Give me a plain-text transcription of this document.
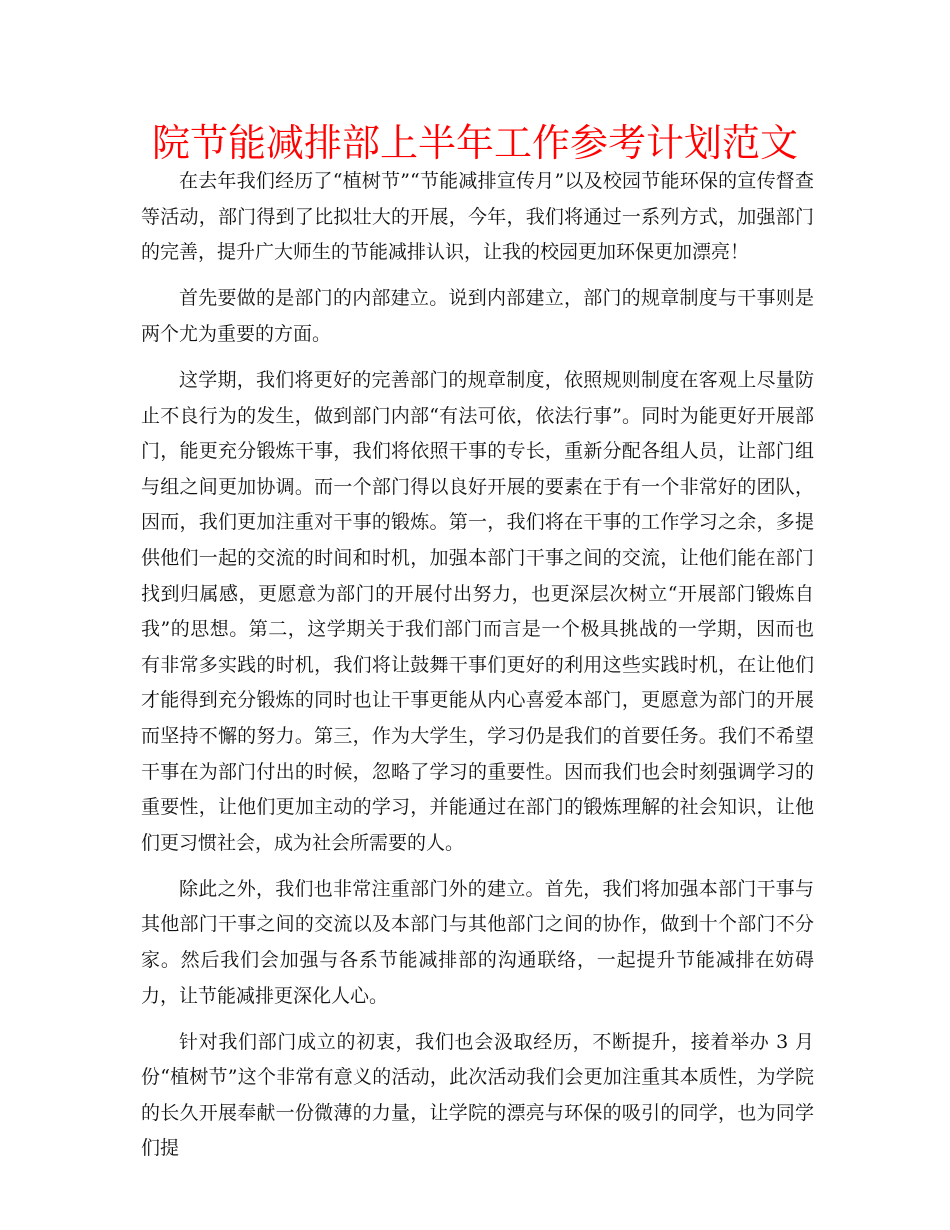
院节能减排部上半年工作参考计划范文

在去年我们经历了“植树节”“节能减排宣传月”以及校园节能环保的宣传督查等活动，部门得到了比拟壮大的开展，今年，我们将通过一系列方式，加强部门的完善，提升广大师生的节能减排认识，让我的校园更加环保更加漂亮！

首先要做的是部门的内部建立。说到内部建立，部门的规章制度与干事则是两个尤为重要的方面。

这学期，我们将更好的完善部门的规章制度，依照规则制度在客观上尽量防止不良行为的发生，做到部门内部“有法可依，依法行事”。同时为能更好开展部门，能更充分锻炼干事，我们将依照干事的专长，重新分配各组人员，让部门组与组之间更加协调。而一个部门得以良好开展的要素在于有一个非常好的团队，因而，我们更加注重对干事的锻炼。第一，我们将在干事的工作学习之余，多提供他们一起的交流的时间和时机，加强本部门干事之间的交流，让他们能在部门找到归属感，更愿意为部门的开展付出努力，也更深层次树立“开展部门锻炼自我”的思想。第二，这学期关于我们部门而言是一个极具挑战的一学期，因而也有非常多实践的时机，我们将让鼓舞干事们更好的利用这些实践时机，在让他们才能得到充分锻炼的同时也让干事更能从内心喜爱本部门，更愿意为部门的开展而坚持不懈的努力。第三，作为大学生，学习仍是我们的首要任务。我们不希望干事在为部门付出的时候，忽略了学习的重要性。因而我们也会时刻强调学习的重要性，让他们更加主动的学习，并能通过在部门的锻炼理解的社会知识，让他们更习惯社会，成为社会所需要的人。

除此之外，我们也非常注重部门外的建立。首先，我们将加强本部门干事与其他部门干事之间的交流以及本部门与其他部门之间的协作，做到十个部门不分家。然后我们会加强与各系节能减排部的沟通联络，一起提升节能减排在妨碍力，让节能减排更深化人心。

针对我们部门成立的初衷，我们也会汲取经历，不断提升，接着举办 3 月份“植树节”这个非常有意义的活动，此次活动我们会更加注重其本质性，为学院的长久开展奉献一份微薄的力量，让学院的漂亮与环保的吸引的同学，也为同学们提
